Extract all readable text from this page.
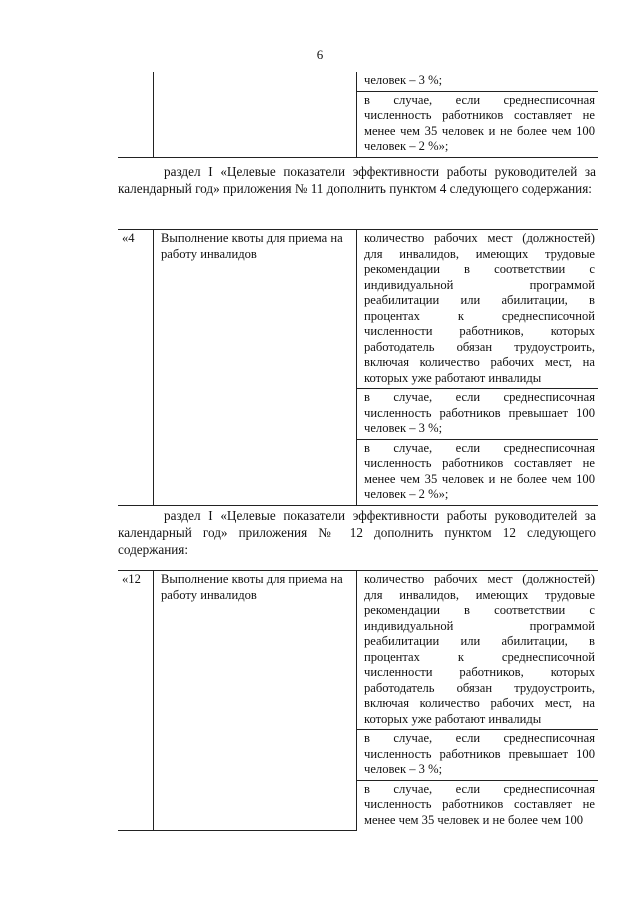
6
		человек – 3 %;
в случае, если среднесписочная численность работников составляет не менее чем 35 человек и не более чем 100 человек – 2 %»;
раздел I «Целевые показатели эффективности работы руководителей за календарный год» приложения № 11 дополнить пунктом 4 следующего содержания:
«4	Выполнение квоты для приема на работу инвалидов	количество рабочих мест (должностей) для инвалидов, имеющих трудовые рекомендации в соответствии с индивидуальной программой реабилитации или абилитации, в процентах к среднесписочной численности работников, которых работодатель обязан трудоустроить, включая количество рабочих мест, на которых уже работают инвалиды
в случае, если среднесписочная численность работников превышает 100 человек – 3 %;
в случае, если среднесписочная численность работников составляет не менее чем 35 человек и не более чем 100 человек – 2 %»;
раздел I «Целевые показатели эффективности работы руководителей за календарный год» приложения № 12 дополнить пунктом 12 следующего содержания:
«12	Выполнение квоты для приема на работу инвалидов	количество рабочих мест (должностей) для инвалидов, имеющих трудовые рекомендации в соответствии с индивидуальной программой реабилитации или абилитации, в процентах к среднесписочной численности работников, которых работодатель обязан трудоустроить, включая количество рабочих мест, на которых уже работают инвалиды
в случае, если среднесписочная численность работников превышает 100 человек – 3 %;
в случае, если среднесписочная численность работников составляет не менее чем 35 человек и не более чем 100
